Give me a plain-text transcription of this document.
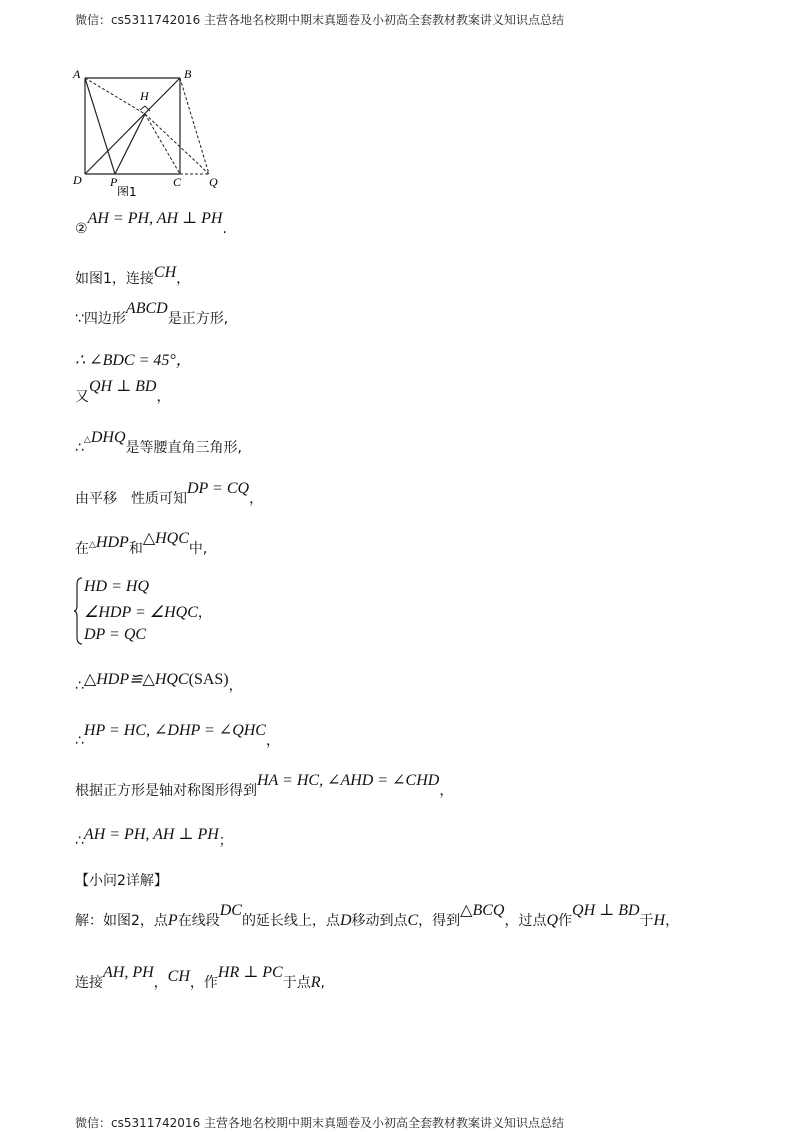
微信：cs5311742016 主营各地名校期中期末真题卷及小初高全套教材教案讲义知识点总结
A	B
H
D P	C Q
图1
②AH = PH, AH ⊥ PH.
如图1，连接CH，
∵四边形ABCD是正方形,
∴ ∠BDC = 45°，
又QH ⊥ BD，
∴△DHQ是等腰直角三角形,
由平移　性质可知DP = CQ，
在△HDP和△HQC中,
HD = HQ
∠HDP = ∠HQC，
DP = QC
∴△HDP≌△HQC(SAS)，
∴HP = HC, ∠DHP = ∠QHC，
根据正方形是轴对称图形得到HA = HC, ∠AHD = ∠CHD，
∴AH = PH, AH ⊥ PH；
【小问2详解】
解：如图2，点P在线段DC的延长线上，点D移动到点C，得到△BCQ，过点Q作QH ⊥ BD于H，
连接AH, PH，CH，作HR ⊥ PC于点R,
微信：cs5311742016 主营各地名校期中期末真题卷及小初高全套教材教案讲义知识点总结
